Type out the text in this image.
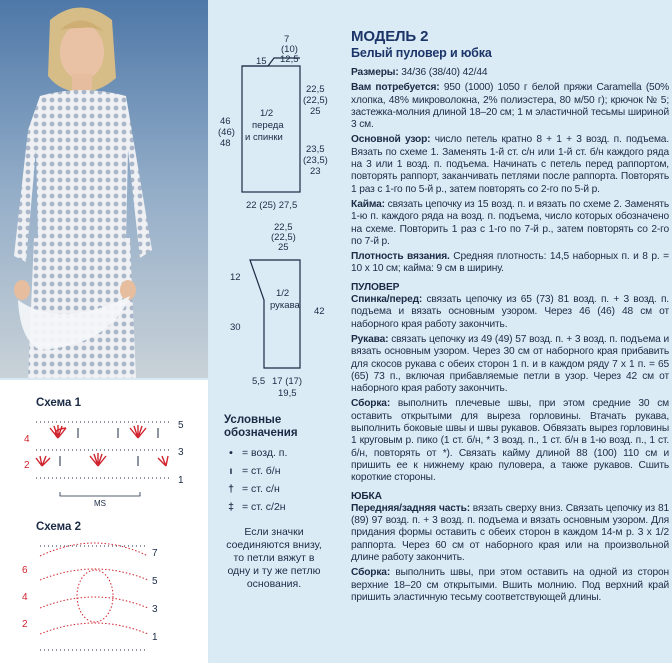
Схема 1
4
2
5
3
1
MS
Схема 2
6
4
2
7
5
3
1
15
7
(10)
12,5
22,5
(22,5)
25
23,5
(23,5)
23
46
(46)
48
22 (25) 27,5
1/2
переда
и спинки
22,5
(22,5)
25
12
30
42
5,5 17 (17)
19,5
1/2
рукава
Условные обозначения
• = возд. п.
ı = ст. б/н
† = ст. с/н
‡ = ст. с/2н
Если значки соединяются внизу, то петли вяжут в одну и ту же петлю основания.
МОДЕЛЬ 2
Белый пуловер и юбка

Размеры: 34/36 (38/40) 42/44

Вам потребуется: 950 (1000) 1050 г белой пряжи Caramella (50% хлопка, 48% микроволокна, 2% полиэстера, 80 м/50 г); крючок № 5; застежка-молния длиной 18–20 см; 1 м эластичной тесьмы шириной 3 см.

Основной узор: число петель кратно 8 + 1 + 3 возд. п. подъема. Вязать по схеме 1. Заменять 1-й ст. с/н или 1-й ст. б/н каждого ряда на 3 или 1 возд. п. подъема. Начинать с петель перед раппортом, повторять раппорт, заканчивать петлями после раппорта. Повторять 1 раз с 1-го по 5-й р., затем повторять со 2-го по 5-й р.

Кайма: связать цепочку из 15 возд. п. и вязать по схеме 2. Заменять 1-ю п. каждого ряда на возд. п. подъема, число которых обозначено на схеме. Повторить 1 раз с 1-го по 7-й р., затем повторять со 2-го по 7-й р.

Плотность вязания. Средняя плотность: 14,5 наборных п. и 8 р. = 10 х 10 см; кайма: 9 см в ширину.

ПУЛОВЕР

Спинка/перед: связать цепочку из 65 (73) 81 возд. п. + 3 возд. п. подъема и вязать основным узором. Через 46 (46) 48 см от наборного края работу закончить.

Рукава: связать цепочку из 49 (49) 57 возд. п. + 3 возд. п. подъема и вязать основным узором. Через 30 см от наборного края прибавить для скосов рукава с обеих сторон 1 п. и в каждом ряду 7 х 1 п. = 65 (65) 73 п., включая прибавляемые петли в узор. Через 42 см от наборного края работу закончить.

Сборка: выполнить плечевые швы, при этом средние 30 см оставить открытыми для выреза горловины. Втачать рукава, выполнить боковые швы и швы рукавов. Обвязать вырез горловины 1 круговым р. пико (1 ст. б/н, * 3 возд. п., 1 ст. б/н в 1-ю возд. п., 1 ст. б/н, повторять от *). Связать кайму длиной 88 (100) 110 см и пришить ее к нижнему краю пуловера, а также рукавов. Сшить короткие стороны.

ЮБКА

Передняя/задняя часть: вязать сверху вниз. Связать цепочку из 81 (89) 97 возд. п. + 3 возд. п. подъема и вязать основным узором. Для придания формы оставить с обеих сторон в каждом 14-м р. 3 х 1/2 раппорта. Через 60 см от наборного края или на произвольной длине работу закончить.

Сборка: выполнить швы, при этом оставить на одной из сторон верхние 18–20 см открытыми. Вшить молнию. Под верхний край пришить эластичную тесьму соответствующей длины.
